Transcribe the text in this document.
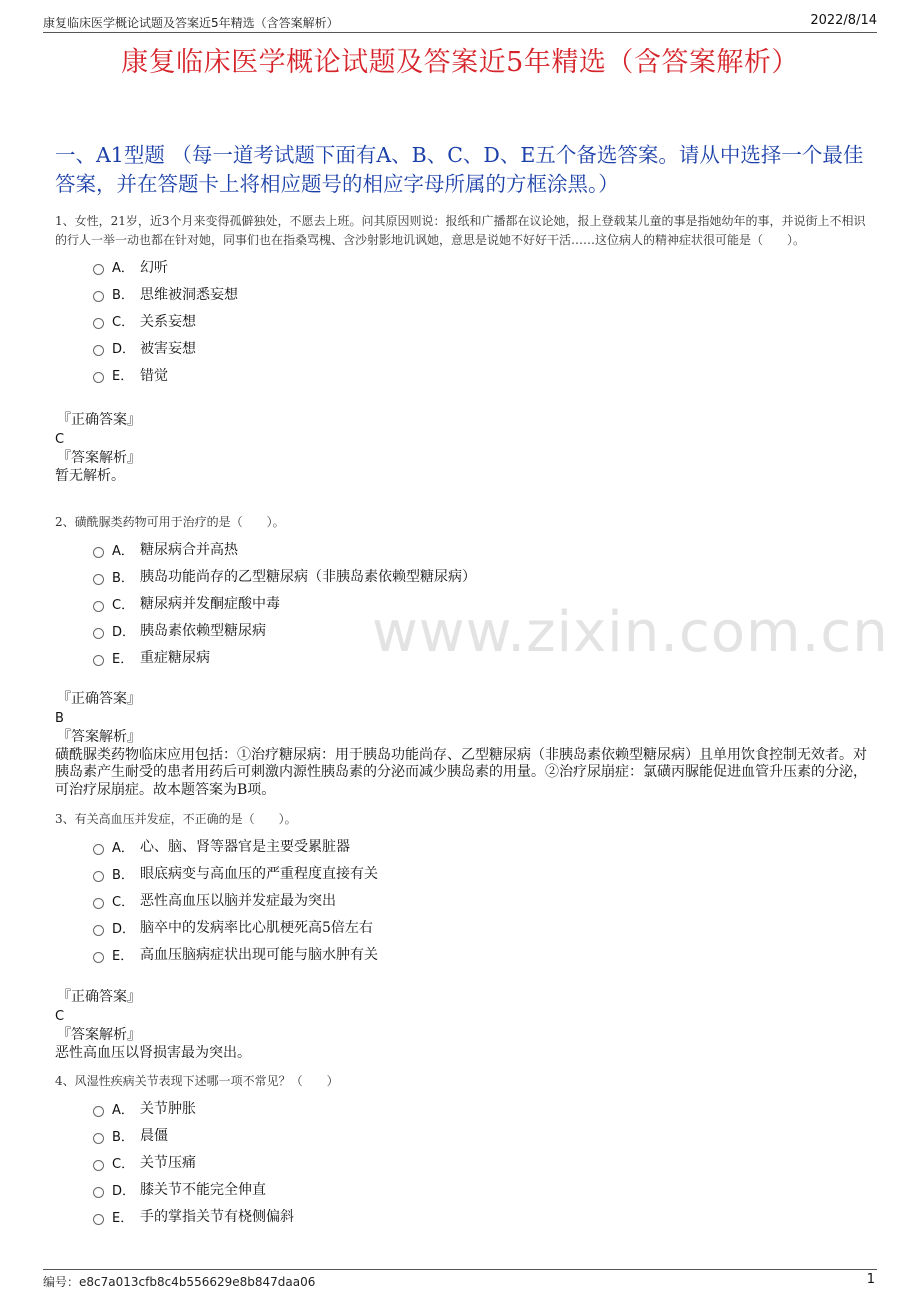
康复临床医学概论试题及答案近5年精选（含答案解析）	2022/8/14
康复临床医学概论试题及答案近5年精选（含答案解析）
一、A1型题 （每一道考试题下面有A、B、C、D、E五个备选答案。请从中选择一个最佳答案，并在答题卡上将相应题号的相应字母所属的方框涂黑。）
www.zixin.com.cn
1、女性，21岁，近3个月来变得孤僻独处，不愿去上班。问其原因则说：报纸和广播都在议论她，报上登载某儿童的事是指她幼年的事，并说街上不相识的行人一举一动也都在针对她，同事们也在指桑骂槐、含沙射影地讥讽她，意思是说她不好好干活……这位病人的精神症状很可能是（　　）。
A． 幻听
B． 思维被洞悉妄想
C． 关系妄想
D． 被害妄想
E． 错觉
『正确答案』
C
『答案解析』
暂无解析。
2、磺酰脲类药物可用于治疗的是（　　）。
A． 糖尿病合并高热
B． 胰岛功能尚存的乙型糖尿病（非胰岛素依赖型糖尿病）
C． 糖尿病并发酮症酸中毒
D． 胰岛素依赖型糖尿病
E． 重症糖尿病
『正确答案』
B
『答案解析』
磺酰脲类药物临床应用包括：①治疗糖尿病：用于胰岛功能尚存、乙型糖尿病（非胰岛素依赖型糖尿病）且单用饮食控制无效者。对胰岛素产生耐受的患者用药后可刺激内源性胰岛素的分泌而减少胰岛素的用量。②治疗尿崩症：氯磺丙脲能促进血管升压素的分泌，可治疗尿崩症。故本题答案为B项。
3、有关高血压并发症，不正确的是（　　）。
A． 心、脑、肾等器官是主要受累脏器
B． 眼底病变与高血压的严重程度直接有关
C． 恶性高血压以脑并发症最为突出
D． 脑卒中的发病率比心肌梗死高5倍左右
E． 高血压脑病症状出现可能与脑水肿有关
『正确答案』
C
『答案解析』
恶性高血压以肾损害最为突出。
4、风湿性疾病关节表现下述哪一项不常见？（　　）
A． 关节肿胀
B． 晨僵
C． 关节压痛
D． 膝关节不能完全伸直
E． 手的掌指关节有桡侧偏斜
编号：e8c7a013cfb8c4b556629e8b847daa06	1
